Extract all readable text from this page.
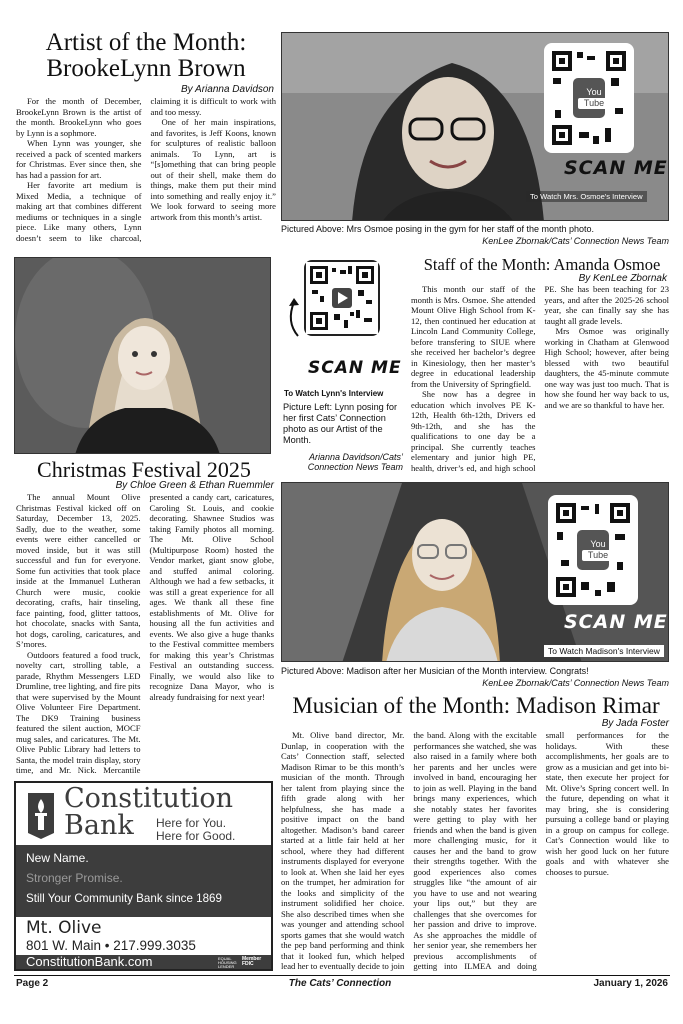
Artist of the Month:
BrookeLynn Brown
By Arianna Davidson

For the month of December, BrookeLynn Brown is the artist of the month. BrookeLynn who goes by Lynn is a sophmore.

When Lynn was younger, she received a pack of scented markers for Christmas. Ever since then, she has had a passion for art.

Her favorite art medium is Mixed Media, a technique of making art that combines different mediums or techniques in a single piece. Like many others, Lynn doesn’t seem to like charcoal, claiming it is difficult to work with and too messy.

One of her main inspirations, and favorites, is Jeff Koons, known for sculptures of realistic balloon animals. To Lynn, art is “[s]omething that can bring people out of their shell, make them do things, make them put their mind into something and really enjoy it.” We look forward to seeing more artwork from this month’s artist.

SCAN ME
To Watch Lynn's Interview
Picture Left: Lynn posing for her first Cats’ Connection photo as our Artist of the Month.
Arianna Davidson/Cats’
Connection News Team
You
Tube
SCAN ME
To Watch Mrs. Osmoe's Interview
Pictured Above: Mrs Osmoe posing in the gym for her staff of the month photo.
KenLee Zbornak/Cats’ Connection News Team
Staff of the Month: Amanda Osmoe
By KenLee Zbornak

This month our staff of the month is Mrs. Osmoe. She attended Mount Olive High School from K-12, then continued her education at Lincoln Land Community College, before transfering to SIUE where she received her bachelor’s degree in Kinesiology, then her master’s degree in educational leadership from the University of Springfield.

She now has a degree in education which involves PE K-12th, Health 6th-12th, Drivers ed 9th-12th, and she has the qualifications to one day be a principal. She currently teaches elementary and junior high PE, health, driver’s ed, and high school PE. She has been teaching for 23 years, and after the 2025-26 school year, she can finally say she has taught all grade levels.

Mrs Osmoe was originally working in Chatham at Glenwood High School; however, after being blessed with two beautiful daughters, the 45-minute commute one way was just too much. That is how she found her way back to us, and we are so thankful to have her.

Christmas Festival 2025
By Chloe Green & Ethan Ruemmler

The annual Mount Olive Christmas Festival kicked off on Saturday, December 13, 2025. Sadly, due to the weather, some events were either cancelled or moved inside, but it was still successful and fun for everyone. Some fun activities that took place inside at the Immanuel Lutheran Church were music, cookie decorating, crafts, hair tinseling, face painting, food, glitter tattoos, hot chocolate, snacks with Santa, hot dogs, caroling, caricatures, and S’mores.

Outdoors featured a food truck, novelty cart, strolling table, a parade, Rhythm Messengers LED Drumline, tree lighting, and fire pits that were supervised by the Mount Olive Volunteer Fire Department. The DK9 Training business featured the silent auction, MOCF mug sales, and caricatures. The Mt. Olive Public Library had letters to Santa, the model train display, story time, and Mr. Nick. Mercantile presented a candy cart, caricatures, Caroling St. Louis, and cookie decorating. Shawnee Studios was taking Family photos all morning. The Mt. Olive School (Multipurpose Room) hosted the Vendor market, giant snow globe, and stuffed animal coloring. Although we had a few setbacks, it was still a great experience for all ages. We thank all these fine establishments of Mt. Olive for housing all the fun activities and events. We also give a huge thanks to the Festival committee members for making this year’s Christmas Festival an outstanding success. Finally, we would also like to recognize Dana Mayor, who is already fundraising for next year!

You
Tube
SCAN ME
To Watch Madison's Interview
Pictured Above: Madison after her Musician of the Month interview. Congrats!
KenLee Zbornak/Cats’ Connection News Team
Musician of the Month: Madison Rimar
By Jada Foster

Mt. Olive band director, Mr. Dunlap, in cooperation with the Cats’ Connection staff, selected Madison Rimar to be this month’s musician of the month. Through her talent from playing since the fifth grade along with her helpfulness, she has made a positive impact on the band altogether. Madison’s band career started at a little fair held at her school, where they had different instruments displayed for everyone to look at. When she laid her eyes on the trumpet, her admiration for the looks and simplicity of the instrument solidified her choice. She also described times when she was younger and attending school sports games that she would watch the pep band performing and think that it looked fun, which helped lead her to eventually decide to join the band. Along with the excitable performances she watched, she was also raised in a family where both her parents and her uncles were involved in band, encouraging her to join as well. Playing in the band brings many experiences, which she notably states her favorites were getting to play with her friends and when the band is given more challenging music, for it causes her and the band to grow their strengths together. With the good experiences also comes struggles like “the amount of air you have to use and not wearing your lips out,” but they are challenges that she overcomes for her passion and drive to improve. As she approaches the middle of her senior year, she remembers her previous accomplishments of getting into ILMEA and doing small performances for the holidays. With these accomplishments, her goals are to grow as a musician and get into bi-state, then execute her project for Mt. Olive’s Spring concert well. In the future, depending on what it may bring, she is considering pursuing a college band or playing in a group on campus for college. Cat’s Connection would like to wish her good luck on her future goals and with whatever she chooses to pursue.

Constitution
Bank	Here for You.
Here for Good.
New Name.
Stronger Promise.
Still Your Community Bank since 1869
Mt. Olive
801 W. Main • 217.999.3035
ConstitutionBank.com	EQUAL HOUSING LENDER
Member FDIC
Page 2	The Cats’ Connection	January 1, 2026
